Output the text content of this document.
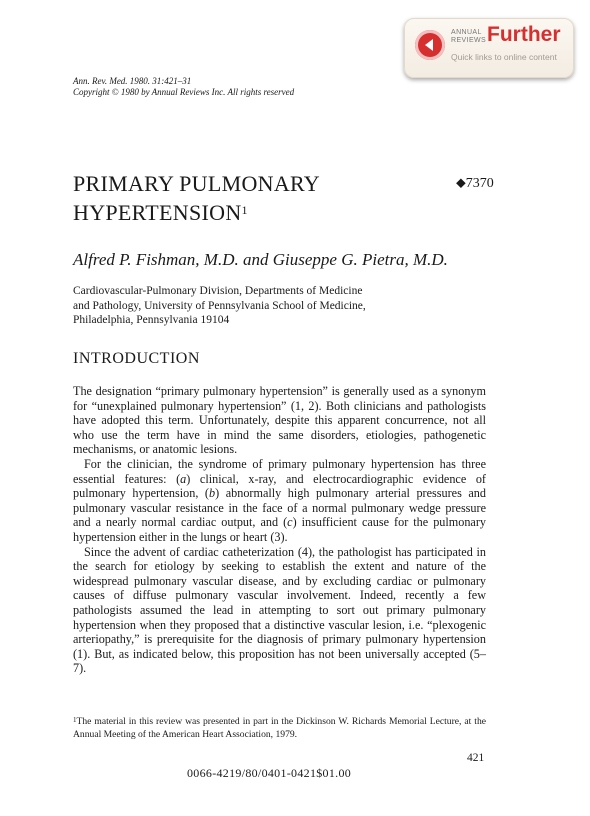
ANNUAL
REVIEWS Further
Quick links to online content
Ann. Rev. Med. 1980. 31:421–31
Copyright © 1980 by Annual Reviews Inc. All rights reserved
PRIMARY PULMONARY
HYPERTENSION$^1$
⬥7370
Alfred P. Fishman, M.D. and Giuseppe G. Pietra, M.D.
Cardiovascular-Pulmonary Division, Departments of Medicine
and Pathology, University of Pennsylvania School of Medicine,
Philadelphia, Pennsylvania 19104
INTRODUCTION

The designation “primary pulmonary hypertension” is generally used as a synonym for “unexplained pulmonary hypertension” (1, 2). Both clinicians and pathologists have adopted this term. Unfortunately, despite this apparent concurrence, not all who use the term have in mind the same disorders, etiologies, pathogenetic mechanisms, or anatomic lesions.

For the clinician, the syndrome of primary pulmonary hypertension has three essential features: (a) clinical, x-ray, and electrocardiographic evidence of pulmonary hypertension, (b) abnormally high pulmonary arterial pressures and pulmonary vascular resistance in the face of a normal pulmonary wedge pressure and a nearly normal cardiac output, and (c) insufficient cause for the pulmonary hypertension either in the lungs or heart (3).

Since the advent of cardiac catheterization (4), the pathologist has participated in the search for etiology by seeking to establish the extent and nature of the widespread pulmonary vascular disease, and by excluding cardiac or pulmonary causes of diffuse pulmonary vascular involvement. Indeed, recently a few pathologists assumed the lead in attempting to sort out primary pulmonary hypertension when they proposed that a distinctive vascular lesion, i.e. “plexogenic arteriopathy,” is prerequisite for the diagnosis of primary pulmonary hypertension (1). But, as indicated below, this proposition has not been universally accepted (5–7).

$^1$The material in this review was presented in part in the Dickinson W. Richards Memorial Lecture, at the Annual Meeting of the American Heart Association, 1979.
421
0066-4219/80/0401-0421$01.00
